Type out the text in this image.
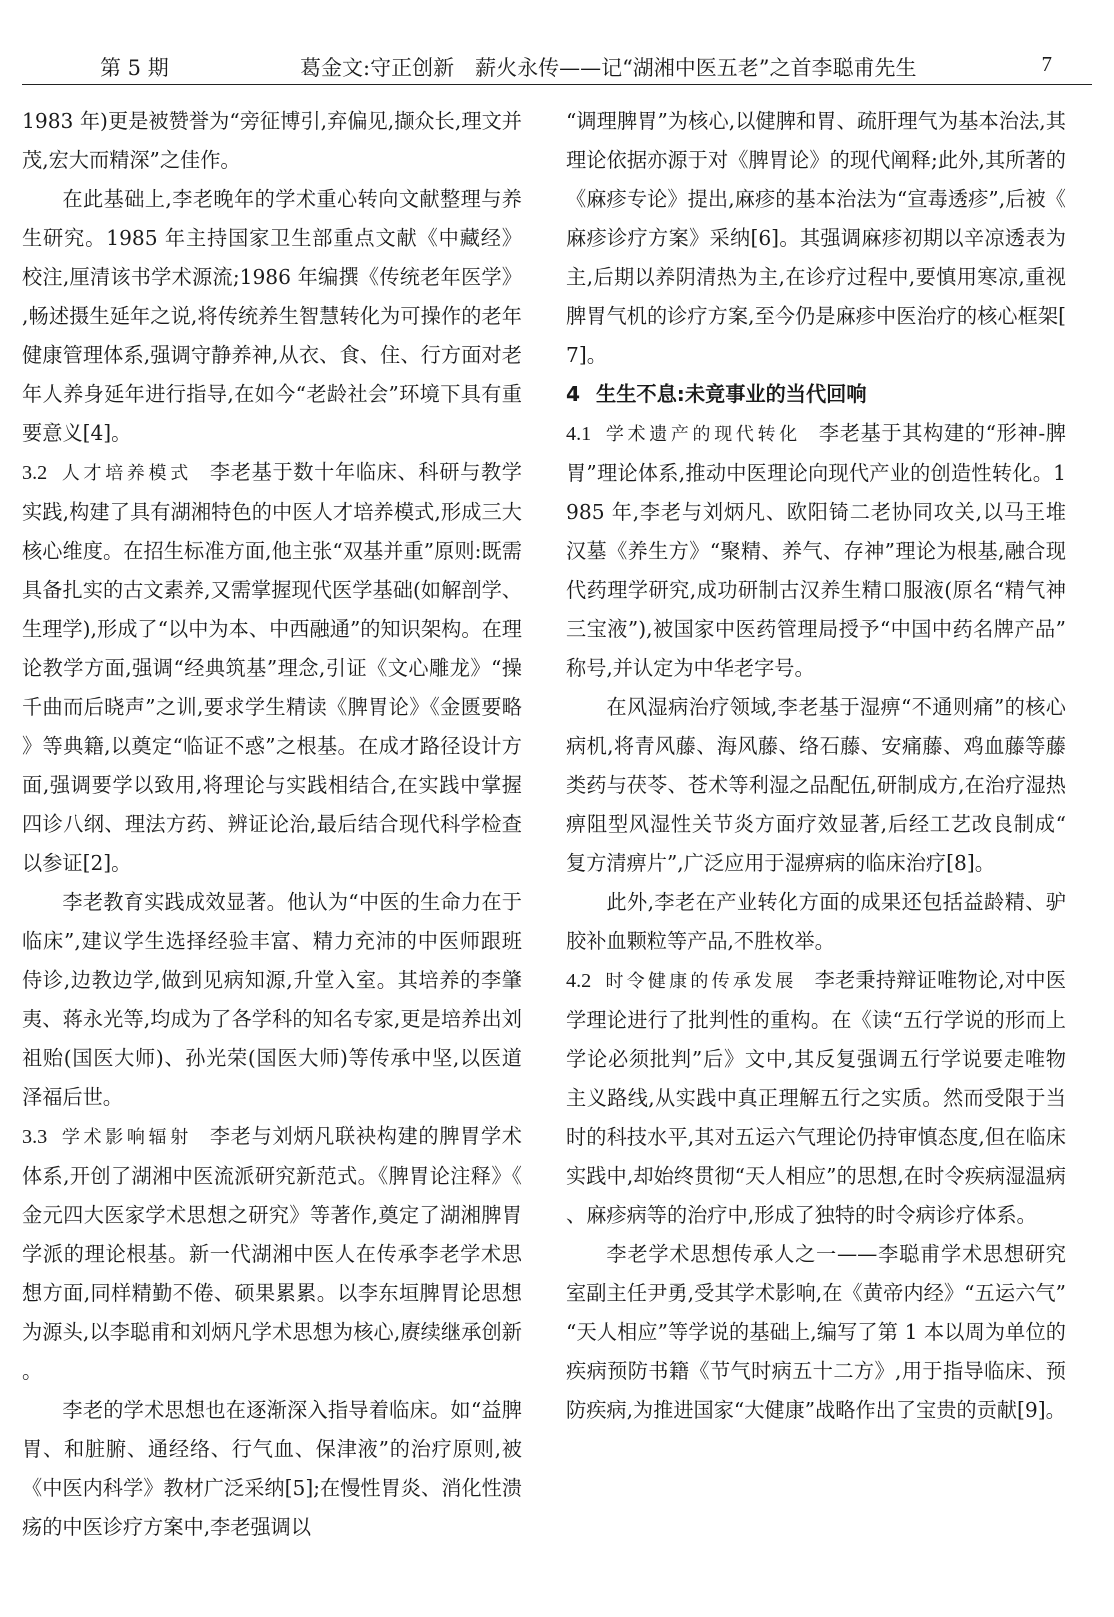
第 5 期	葛金文:守正创新　薪火永传——记“湖湘中医五老”之首李聪甫先生	7

1983 年)更是被赞誉为“旁征博引,弃偏见,撷众长,理文并茂,宏大而精深”之佳作。

在此基础上,李老晚年的学术重心转向文献整理与养生研究。1985 年主持国家卫生部重点文献《中藏经》校注,厘清该书学术源流;1986 年编撰《传统老年医学》,畅述摄生延年之说,将传统养生智慧转化为可操作的老年健康管理体系,强调守静养神,从衣、食、住、行方面对老年人养身延年进行指导,在如今“老龄社会”环境下具有重要意义[4]。

3.2 人才培养模式 李老基于数十年临床、科研与教学实践,构建了具有湖湘特色的中医人才培养模式,形成三大核心维度。在招生标准方面,他主张“双基并重”原则:既需具备扎实的古文素养,又需掌握现代医学基础(如解剖学、生理学),形成了“以中为本、中西融通”的知识架构。在理论教学方面,强调“经典筑基”理念,引证《文心雕龙》“操千曲而后晓声”之训,要求学生精读《脾胃论》《金匮要略》等典籍,以奠定“临证不惑”之根基。在成才路径设计方面,强调要学以致用,将理论与实践相结合,在实践中掌握四诊八纲、理法方药、辨证论治,最后结合现代科学检查以参证[2]。

李老教育实践成效显著。他认为“中医的生命力在于临床”,建议学生选择经验丰富、精力充沛的中医师跟班侍诊,边教边学,做到见病知源,升堂入室。其培养的李肇夷、蒋永光等,均成为了各学科的知名专家,更是培养出刘祖贻(国医大师)、孙光荣(国医大师)等传承中坚,以医道泽福后世。

3.3 学术影响辐射 李老与刘炳凡联袂构建的脾胃学术体系,开创了湖湘中医流派研究新范式。《脾胃论注释》《金元四大医家学术思想之研究》等著作,奠定了湖湘脾胃学派的理论根基。新一代湖湘中医人在传承李老学术思想方面,同样精勤不倦、硕果累累。以李东垣脾胃论思想为源头,以李聪甫和刘炳凡学术思想为核心,赓续继承创新。

李老的学术思想也在逐渐深入指导着临床。如“益脾胃、和脏腑、通经络、行气血、保津液”的治疗原则,被《中医内科学》教材广泛采纳[5];在慢性胃炎、消化性溃疡的中医诊疗方案中,李老强调以

“调理脾胃”为核心,以健脾和胃、疏肝理气为基本治法,其理论依据亦源于对《脾胃论》的现代阐释;此外,其所著的《麻疹专论》提出,麻疹的基本治法为“宣毒透疹”,后被《麻疹诊疗方案》采纳[6]。其强调麻疹初期以辛凉透表为主,后期以养阴清热为主,在诊疗过程中,要慎用寒凉,重视脾胃气机的诊疗方案,至今仍是麻疹中医治疗的核心框架[7]。

4 生生不息:未竟事业的当代回响

4.1 学术遗产的现代转化 李老基于其构建的“形神-脾胃”理论体系,推动中医理论向现代产业的创造性转化。1985 年,李老与刘炳凡、欧阳锜二老协同攻关,以马王堆汉墓《养生方》“聚精、养气、存神”理论为根基,融合现代药理学研究,成功研制古汉养生精口服液(原名“精气神三宝液”),被国家中医药管理局授予“中国中药名牌产品”称号,并认定为中华老字号。

在风湿病治疗领域,李老基于湿痹“不通则痛”的核心病机,将青风藤、海风藤、络石藤、安痛藤、鸡血藤等藤类药与茯苓、苍术等利湿之品配伍,研制成方,在治疗湿热痹阻型风湿性关节炎方面疗效显著,后经工艺改良制成“复方清痹片”,广泛应用于湿痹病的临床治疗[8]。

此外,李老在产业转化方面的成果还包括益龄精、驴胶补血颗粒等产品,不胜枚举。

4.2 时令健康的传承发展 李老秉持辩证唯物论,对中医学理论进行了批判性的重构。在《读“五行学说的形而上学论必须批判”后》文中,其反复强调五行学说要走唯物主义路线,从实践中真正理解五行之实质。然而受限于当时的科技水平,其对五运六气理论仍持审慎态度,但在临床实践中,却始终贯彻“天人相应”的思想,在时令疾病湿温病、麻疹病等的治疗中,形成了独特的时令病诊疗体系。

李老学术思想传承人之一——李聪甫学术思想研究室副主任尹勇,受其学术影响,在《黄帝内经》“五运六气”“天人相应”等学说的基础上,编写了第 1 本以周为单位的疾病预防书籍《节气时病五十二方》,用于指导临床、预防疾病,为推进国家“大健康”战略作出了宝贵的贡献[9]。
